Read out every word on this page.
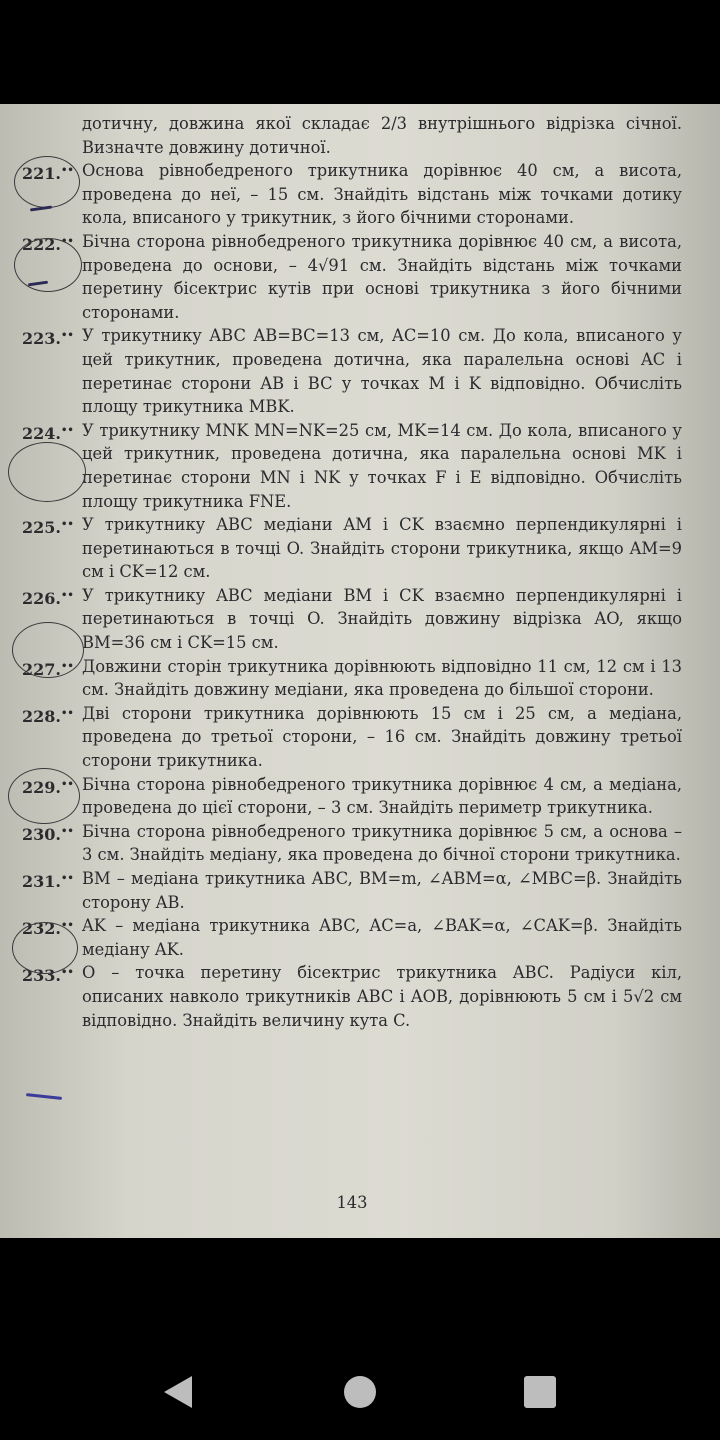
дотичну, довжина якої складає 2/3 внутрішнього відрізка січної. Визначте довжину дотичної.

221.•• Основа рівнобедреного трикутника дорівнює 40 см, а висота, проведена до неї, – 15 см. Знайдіть відстань між точками дотику кола, вписаного у трикутник, з його бічними сторонами.

222.•• Бічна сторона рівнобедреного трикутника дорівнює 40 см, а висота, проведена до основи, – 4√91 см. Знайдіть відстань між точками перетину бісектрис кутів при основі трикутника з його бічними сторонами.

223.•• У трикутнику ABC AB=BC=13 см, AC=10 см. До кола, вписаного у цей трикутник, проведена дотична, яка паралельна основі AC і перетинає сторони AB і BC у точках M і K відповідно. Обчисліть площу трикутника MBK.

224.•• У трикутнику MNK MN=NK=25 см, MK=14 см. До кола, вписаного у цей трикутник, проведена дотична, яка паралельна основі MK і перетинає сторони MN і NK у точках F і E відповідно. Обчисліть площу трикутника FNE.

225.•• У трикутнику ABC медіани AM і CK взаємно перпендикулярні і перетинаються в точці O. Знайдіть сторони трикутника, якщо AM=9 см і CK=12 см.

226.•• У трикутнику ABC медіани BM і CK взаємно перпендикулярні і перетинаються в точці O. Знайдіть довжину відрізка AO, якщо BM=36 см і CK=15 см.

227.•• Довжини сторін трикутника дорівнюють відповідно 11 см, 12 см і 13 см. Знайдіть довжину медіани, яка проведена до більшої сторони.

228.•• Дві сторони трикутника дорівнюють 15 см і 25 см, а медіана, проведена до третьої сторони, – 16 см. Знайдіть довжину третьої сторони трикутника.

229.•• Бічна сторона рівнобедреного трикутника дорівнює 4 см, а медіана, проведена до цієї сторони, – 3 см. Знайдіть периметр трикутника.

230.•• Бічна сторона рівнобедреного трикутника дорівнює 5 см, а основа – 3 см. Знайдіть медіану, яка проведена до бічної сторони трикутника.

231.•• BM – медіана трикутника ABC, BM=m, ∠ABM=α, ∠MBC=β. Знайдіть сторону AB.

232.•• AK – медіана трикутника ABC, AC=a, ∠BAK=α, ∠CAK=β. Знайдіть медіану AK.

233.•• O – точка перетину бісектрис трикутника ABC. Радіуси кіл, описаних навколо трикутників ABC і AOB, дорівнюють 5 см і 5√2 см відповідно. Знайдіть величину кута C.

143
